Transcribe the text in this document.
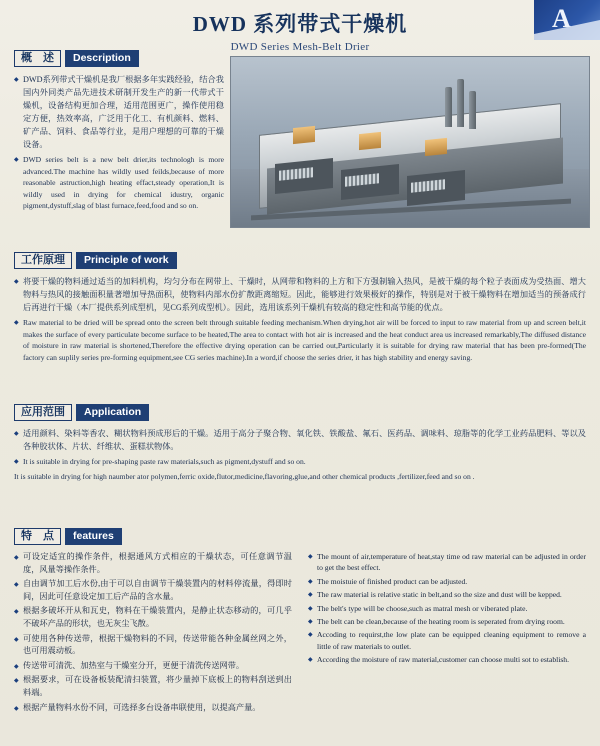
A
DWD 系列带式干燥机
DWD Series Mesh-Belt Drier
概　述	Description

◆ DWD系列带式干燥机是我厂根据多年实践经验，结合我国内外同类产品先进技术研制开发生产的新一代带式干燥机，设备结构更加合理，适用范围更广，操作使用稳定方便，热效率高，广泛用于化工、有机颜料、燃料、矿产品、饲料、食品等行业，是用户理想的可靠的干燥设备。

◆ DWD series belt is a new belt drier,its technologh is more advanced.The machine has wildly used feilds,because of more reasonable astruction,high heating effact,steady operation,It is wildly used in drying for chemical idustry, organic pigment,dystuff,slag of blast furnace,feed,food and so on.

工作原理	Principle of work

◆ 将要干燥的物料通过适当的加料机构，均匀分布在网带上、干燥时，从网带和物料的上方和下方强制输入热风，是被干燥的每个粒子表面成为受热面、增大物料与热风的接触面积量著增加导热面积，使物料内部水份扩散距离缩短。因此，能够进行效果极好的操作，特别是对于被干燥物料在增加适当的预备成行后再进行干燥（本厂提供系列成型机，见CG系列成型机）。因此，选用该系列干燥机有较高的稳定性和高节能的优点。

◆ Raw material to be dried will be spread onto the screen belt through suitable feeding mechanism.When drying,hot air will be forced to input to raw material from up and screen belt,it makes the surface of every particulate become surface to be heated,The area to contact with hot air is increased and the heat conduct area us increased remarkably,The diffused distance of moisture in raw material is shortened,Therefore the effective drying operation can be carried out,Particularly it is suitable for drying raw material that has been pre-formed(The factory can suplily series pre-forming equipment,see CG series machine).In a word,if choose the series drier, it has high stability and energy saving.

应用范围	Application

◆ 适用颜料、染料等香农、糊状物料预成形后的干燥。适用于高分子聚合物、氧化铁、铁酸盐、氟石、医药品、调味料、琼脂等的化学工业药品肥料、等以及各种胶状体、片状、纤维状、蛋糕状物体。

◆ It is suitable in drying for pre-shaping paste raw materials,such as pigment,dystuff and so on.

It is suitable in drying for high naumber ator polymen,ferric oxide,flutor,medicine,flavoring,glue,and other chemical products ,fertilizer,feed and so on .

特　点	features
◆ 可设定适宜的操作条件，根据通风方式相应的干燥状态，可任意调节温度，风量等操作条件。
◆ 自由调节加工后水份,由于可以自由调节干燥装置内的材料停流量，得即时间，因此可任意设定加工后产品的含水量。
◆ 根据多破坏开从和瓦史，物料在干燥装置内，是静止状态移动的，可几乎不破坏产品的形状，也无灰尘飞散。
◆ 可使用各种传送带，根据干燥物料的不同，传送带能各种金属丝网之外，也可用震动板。
◆ 传送带可清洗、加热室与干燥室分开，更便于清洗传送网带。
◆ 根据要求，可在设备板装配清扫装置，将少量掉下底板上的物料刮送到出料端。
◆ 根据产量物料水份不同，可选择多台设备串联使用，以提高产量。
◆ The mount of air,temperature of heat,stay time od raw material can be adjusted in order to get the best effect.
◆ The moistuie of finished product can be adjusted.
◆ The raw material is relative static in belt,and so the size and dust will be kepped.
◆ The belt's type will be choose,such as matral mesh or viberated plate.
◆ The belt can be clean,because of the heating room is seperated from drying room.
◆ Accoding to requirst,the low plate can be equipped cleaning equipment to remove a little of raw materials to outlet.
◆ According the moisture of raw material,customer can choose multi sot to establish.
